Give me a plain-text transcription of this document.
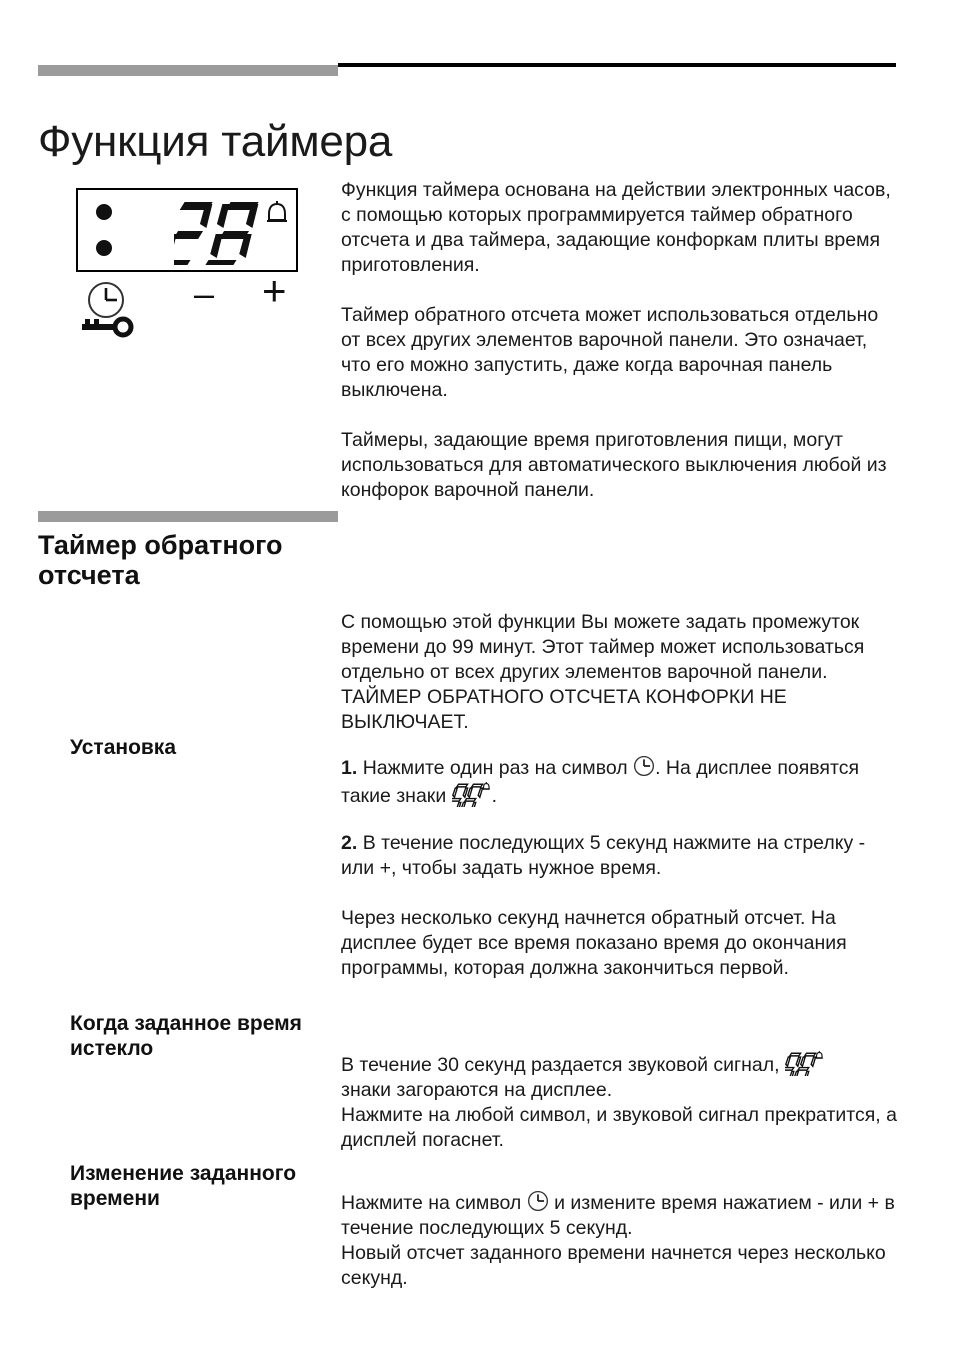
Функция таймера
– +

Функция таймера основана на действии электронных часов, с помощью которых программируется таймер обратного отсчета и два таймера, задающие конфоркам плиты время приготовления.

Таймер обратного отсчета может использоваться отдельно от всех других элементов варочной панели. Это означает, что его можно запустить, даже когда варочная панель выключена.

Таймеры, задающие время приготовления пищи, могут использоваться для автоматического выключения любой из конфорок варочной панели.

Таймер обратного отсчета

С помощью этой функции Вы можете задать промежуток времени до 99 минут. Этот таймер может использоваться отдельно от всех других элементов варочной панели. ТАЙМЕР ОБРАТНОГО ОТСЧЕТА КОНФОРКИ НЕ ВЫКЛЮЧАЕТ.

Установка

1. Нажмите один раз на символ . На дисплее появятся такие знаки .

2. В течение последующих 5 секунд нажмите на стрелку - или +, чтобы задать нужное время.

Через несколько секунд начнется обратный отсчет. На дисплее будет все время показано время до окончания программы, которая должна закончиться первой.

Когда заданное время истекло

В течение 30 секунд раздается звуковой сигнал,
знаки загораются на дисплее.
Нажмите на любой символ, и звуковой сигнал прекратится, а дисплей погаснет.

Изменение заданного времени	Нажмите на символ и измените время нажатием - или + в течение последующих 5 секунд.
Новый отсчет заданного времени начнется через несколько секунд.
